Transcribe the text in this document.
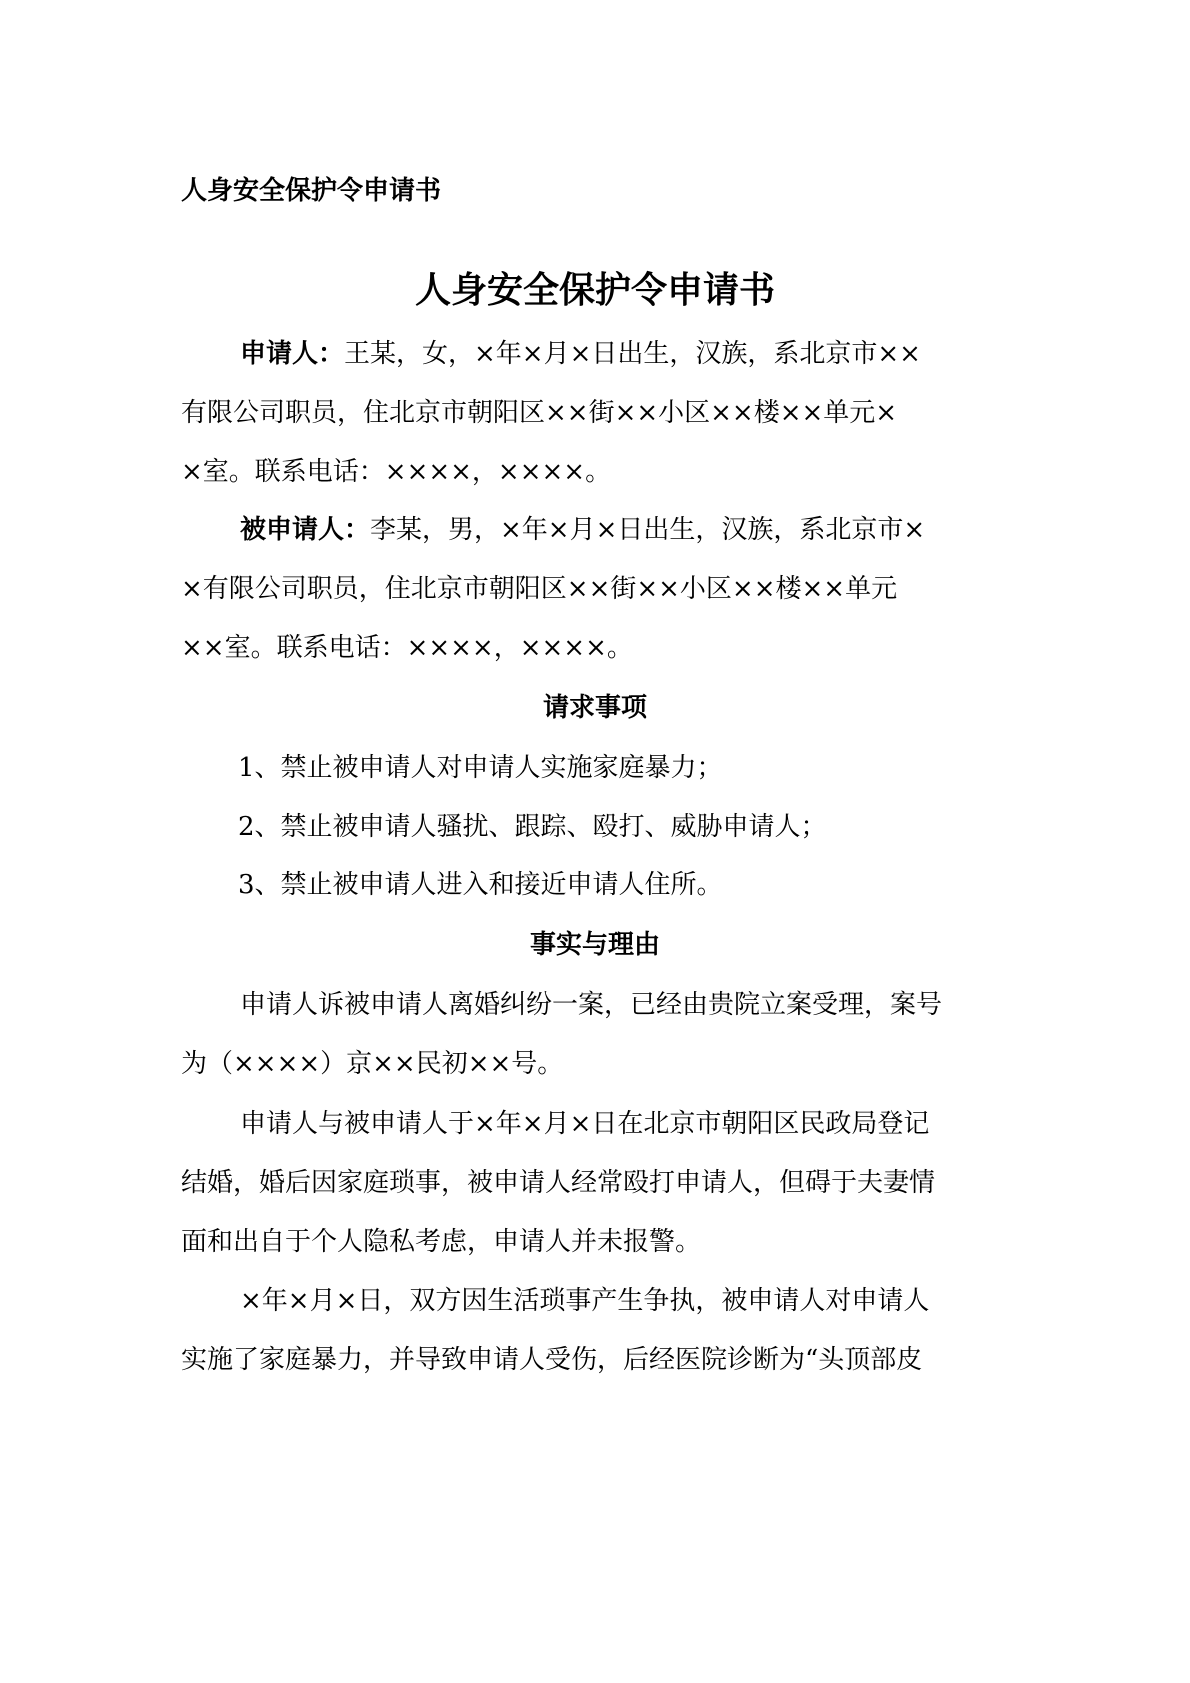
人身安全保护令申请书
人身安全保护令申请书
申请人：王某，女，×年×月×日出生，汉族，系北京市××
有限公司职员，住北京市朝阳区××街××小区××楼××单元×
×室。联系电话：××××，××××。
被申请人：李某，男，×年×月×日出生，汉族，系北京市×
×有限公司职员，住北京市朝阳区××街××小区××楼××单元
××室。联系电话：××××，××××。
请求事项
1、禁止被申请人对申请人实施家庭暴力；
2、禁止被申请人骚扰、跟踪、殴打、威胁申请人；
3、禁止被申请人进入和接近申请人住所。
事实与理由
申请人诉被申请人离婚纠纷一案，已经由贵院立案受理，案号
为（××××）京××民初××号。
申请人与被申请人于×年×月×日在北京市朝阳区民政局登记
结婚，婚后因家庭琐事，被申请人经常殴打申请人，但碍于夫妻情
面和出自于个人隐私考虑，申请人并未报警。
×年×月×日，双方因生活琐事产生争执，被申请人对申请人
实施了家庭暴力，并导致申请人受伤，后经医院诊断为“头顶部皮
